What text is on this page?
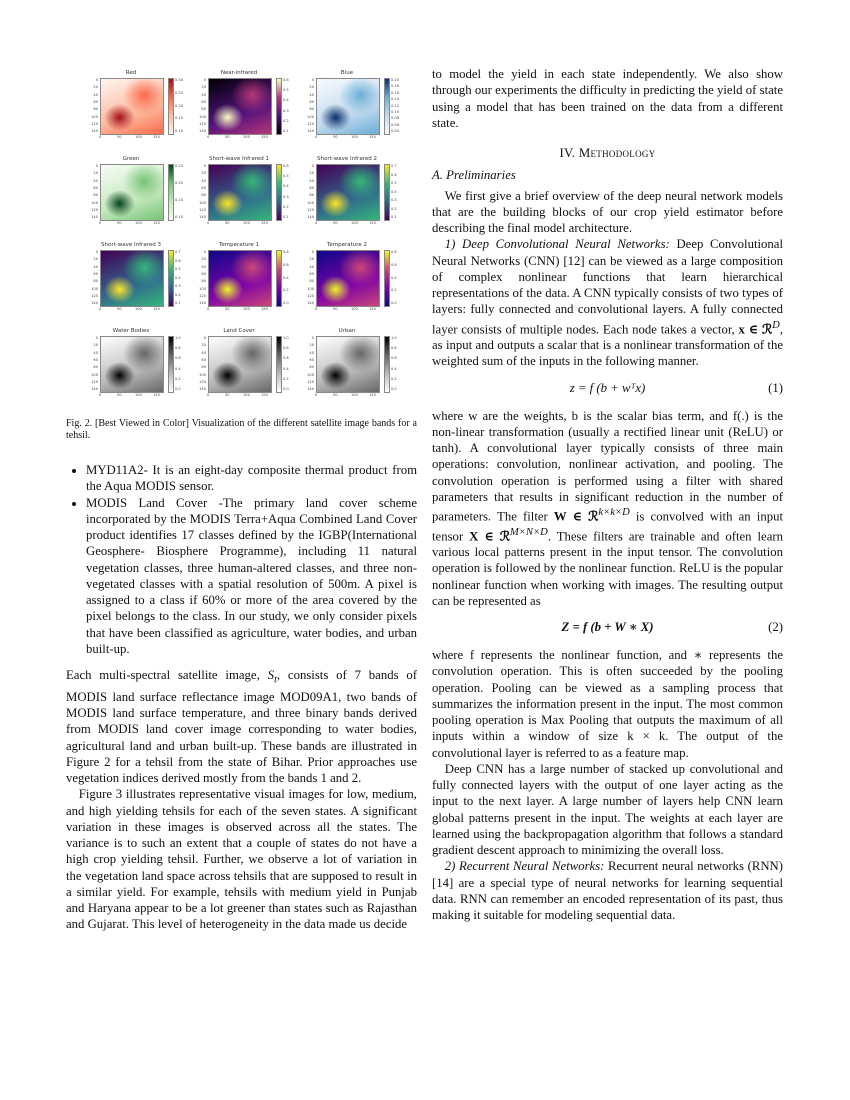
Red
0
20
40
60
80
100
120
140
0	50	100	150
0.30
0.25
0.20
0.15
0.10
Near-infrared
0
20
40
60
80
100
120
140
0	50	100	150
0.6
0.5
0.4
0.3
0.2
0.1
Blue
0
20
40
60
80
100
120
140
0	50	100	150
0.20
0.18
0.16
0.14
0.12
0.10
0.08
0.06
0.04
Green
0
20
40
60
80
100
120
140
0	50	100	150
0.25
0.20
0.15
0.10
Short-wave Infrared 1
0
20
40
60
80
100
120
140
0	50	100	150
0.6
0.5
0.4
0.3
0.2
0.1
Short-wave Infrared 2
0
20
40
60
80
100
120
140
0	50	100	150
0.7
0.6
0.5
0.4
0.3
0.2
0.1
Short-wave Infrared 3
0
20
40
60
80
100
120
140
0	50	100	150
0.7
0.6
0.5
0.4
0.3
0.2
0.1
Temperature 1
0
20
40
60
80
100
120
140
0	50	100	150
0.8
0.6
0.4
0.2
0.0
Temperature 2
0
20
40
60
80
100
120
140
0	50	100	150
0.8
0.6
0.4
0.2
0.0
Water Bodies
0
20
40
60
80
100
120
140
0	50	100	150
1.0
0.8
0.6
0.4
0.2
0.0
Land Cover
0
20
40
60
80
100
120
140
0	50	100	150
1.0
0.8
0.6
0.4
0.2
0.0
Urban
0
20
40
60
80
100
120
140
0	50	100	150
1.0
0.8
0.6
0.4
0.2
0.0
Fig. 2. [Best Viewed in Color] Visualization of the different satellite image bands for a tehsil.
• MYD11A2- It is an eight-day composite thermal product from the Aqua MODIS sensor.
• MODIS Land Cover -The primary land cover scheme incorporated by the MODIS Terra+Aqua Combined Land Cover product identifies 17 classes defined by the IGBP(International Geosphere- Biosphere Programme), including 11 natural vegetation classes, three human-altered classes, and three non-vegetated classes with a spatial resolution of 500m. A pixel is assigned to a class if 60% or more of the area covered by the pixel belongs to the class. In our study, we only consider pixels that have been classified as agriculture, water bodies, and urban built-up.

Each multi-spectral satellite image, $S_t$, consists of 7 bands of MODIS land surface reflectance image MOD09A1, two bands of MODIS land surface temperature, and three binary bands derived from MODIS land cover image corresponding to water bodies, agricultural land and urban built-up. These bands are illustrated in Figure 2 for a tehsil from the state of Bihar. Prior approaches use vegetation indices derived mostly from the bands 1 and 2.

Figure 3 illustrates representative visual images for low, medium, and high yielding tehsils for each of the seven states. A significant variation in these images is observed across all the states. The variance is to such an extent that a couple of states do not have a high crop yielding tehsil. Further, we observe a lot of variation in the vegetation land space across tehsils that are supposed to result in a similar yield. For example, tehsils with medium yield in Punjab and Haryana appear to be a lot greener than states such as Rajasthan and Gujarat. This level of heterogeneity in the data made us decide

to model the yield in each state independently. We also show through our experiments the difficulty in predicting the yield of state using a model that has been trained on the data from a different state.

IV. Methodology
A. Preliminaries

We first give a brief overview of the deep neural network models that are the building blocks of our crop yield estimator before describing the final model architecture.

1) Deep Convolutional Neural Networks: Deep Convolutional Neural Networks (CNN) [12] can be viewed as a large composition of complex nonlinear functions that learn hierarchical representations of the data. A CNN typically consists of two types of layers: fully connected and convolutional layers. A fully connected layer consists of multiple nodes. Each node takes a vector, x ∈ ℛ$^D$, as input and outputs a scalar that is a nonlinear transformation of the weighted sum of the inputs in the following manner.

z = f (b + wᵀx)	(1)

where w are the weights, b is the scalar bias term, and f(.) is the non-linear transformation (usually a rectified linear unit (ReLU) or tanh). A convolutional layer typically consists of three main operations: convolution, nonlinear activation, and pooling. The convolution operation is performed using a filter with shared parameters that results in significant reduction in the number of parameters. The filter W ∈ ℛ$^{k\times k\times D}$ is convolved with an input tensor X ∈ ℛ$^{M\times N\times D}$. These filters are trainable and often learn various local patterns present in the input tensor. The convolution operation is followed by the nonlinear function. ReLU is the popular nonlinear function when working with images. The resulting output can be represented as

Z = f (b + W ∗ X)	(2)

where f represents the nonlinear function, and ∗ represents the convolution operation. This is often succeeded by the pooling operation. Pooling can be viewed as a sampling process that summarizes the information present in the input. The most common pooling operation is Max Pooling that outputs the maximum of all inputs within a window of size k × k. The output of the convolutional layer is referred to as a feature map.

Deep CNN has a large number of stacked up convolutional and fully connected layers with the output of one layer acting as the input to the next layer. A large number of layers help CNN learn global patterns present in the input. The weights at each layer are learned using the backpropagation algorithm that follows a standard gradient descent approach to minimizing the overall loss.

2) Recurrent Neural Networks: Recurrent neural networks (RNN)[14] are a special type of neural networks for learning sequential data. RNN can remember an encoded representation of its past, thus making it suitable for modeling sequential data.
